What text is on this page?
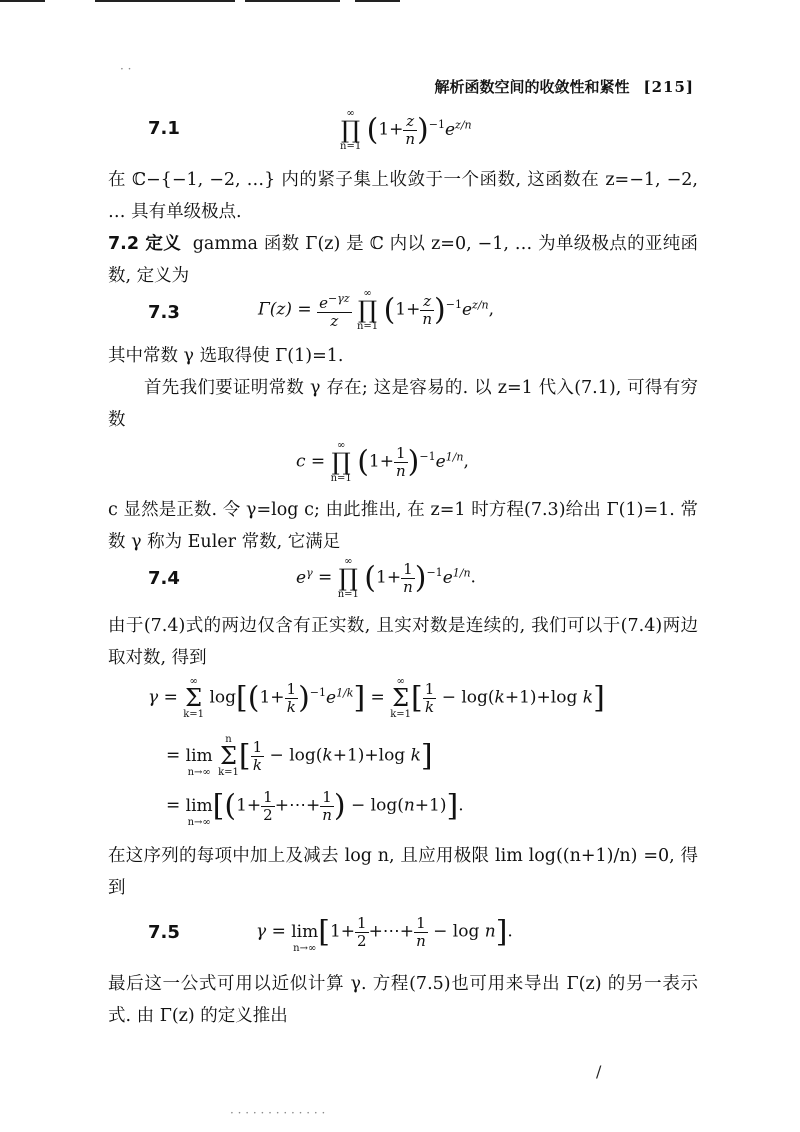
解析函数空间的收敛性和紧性 [215]
7.1
∞
∏
n=1 $(1+ \frac{z}{n} )^{-1}e^{z/n}$
在 ℂ−{−1, −2, …} 内的紧子集上收敛于一个函数, 这函数在 z=−1, −2, … 具有单级极点.
7.2 定义 gamma 函数 Γ(z) 是 ℂ 内以 z=0, −1, … 为单级极点的亚纯函数, 定义为
7.3	$\Gamma(z) = \frac{e^{-\gamma z}}{z}$ ∞
∏
n=1 $(1+ \frac{z}{n} )^{-1}e^{z/n}$,
其中常数 γ 选取得使 Γ(1)=1.
首先我们要证明常数 γ 存在; 这是容易的. 以 z=1 代入(7.1), 可得有穷数
c = ∞
∏
n=1 $(1+ \frac{1}{n} )^{-1}e^{1/n}$,
c 显然是正数. 令 γ=log c; 由此推出, 在 z=1 时方程(7.3)给出 Γ(1)=1. 常数 γ 称为 Euler 常数, 它满足
7.4	$e^\gamma$ = ∞
∏
n=1 $(1+ \frac{1}{n} )^{-1}e^{1/n}$.
由于(7.4)式的两边仅含有正实数, 且实对数是连续的, 我们可以于(7.4)两边取对数, 得到
γ = ∞
Σ
k=1 $\log[(1+ \frac{1}{k} )^{-1}e^{1/k}]$ = ∞
Σ
$k=1[ \frac{1}{k} - \log(k+1)+\log$ k]
= lim
n→∞ n
Σ
$k=1[ \frac{1}{k} - \log(k+1)+\log$ k]
= lim
$n\to\infty[(1+ \frac{1}{2}$ +⋯+ $\frac{1}{n}$ ) − log(n+1)].
在这序列的每项中加上及减去 log n, 且应用极限 lim log((n+1)/n) =0, 得到
7.5	γ = lim
$n\to\infty[1+ \frac{1}{2}$ +⋯+ $\frac{1}{n} - \log n$].
最后这一公式可用以近似计算 γ. 方程(7.5)也可用来导出 Γ(z) 的另一表示式. 由 Γ(z) 的定义推出
/
· · · · · · · · · · · · ·
· ·
